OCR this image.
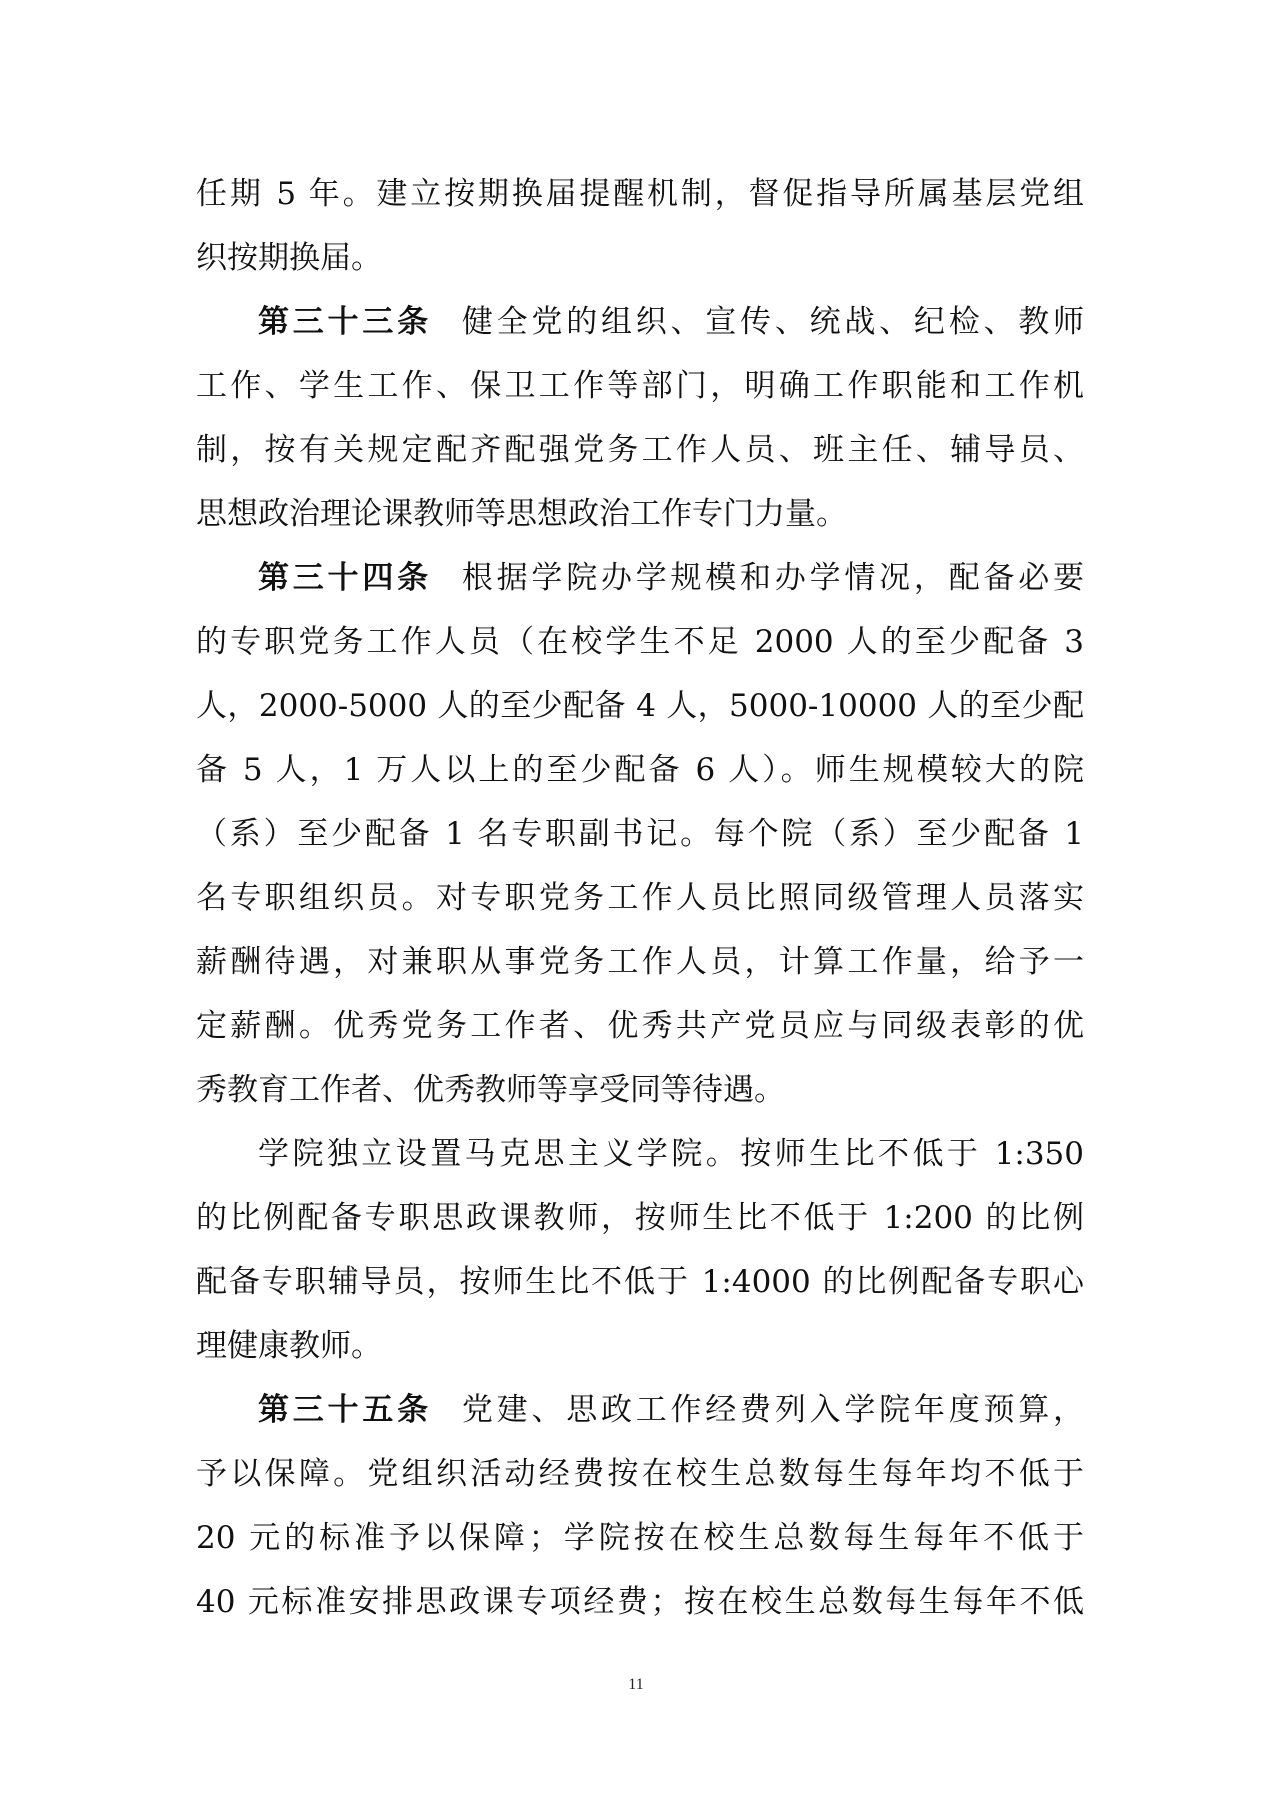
任期 5 年。建立按期换届提醒机制，督促指导所属基层党组
织按期换届。
第三十三条 健全党的组织、宣传、统战、纪检、教师
工作、学生工作、保卫工作等部门，明确工作职能和工作机
制，按有关规定配齐配强党务工作人员、班主任、辅导员、
思想政治理论课教师等思想政治工作专门力量。
第三十四条 根据学院办学规模和办学情况，配备必要
的专职党务工作人员（在校学生不足 2000 人的至少配备 3
人，2000-5000 人的至少配备 4 人，5000-10000 人的至少配
备 5 人，1 万人以上的至少配备 6 人）。师生规模较大的院
（系）至少配备 1 名专职副书记。每个院（系）至少配备 1
名专职组织员。对专职党务工作人员比照同级管理人员落实
薪酬待遇，对兼职从事党务工作人员，计算工作量，给予一
定薪酬。优秀党务工作者、优秀共产党员应与同级表彰的优
秀教育工作者、优秀教师等享受同等待遇。
学院独立设置马克思主义学院。按师生比不低于 1:350
的比例配备专职思政课教师，按师生比不低于 1:200 的比例
配备专职辅导员，按师生比不低于 1:4000 的比例配备专职心
理健康教师。
第三十五条 党建、思政工作经费列入学院年度预算，
予以保障。党组织活动经费按在校生总数每生每年均不低于
20 元的标准予以保障；学院按在校生总数每生每年不低于
40 元标准安排思政课专项经费；按在校生总数每生每年不低
11
